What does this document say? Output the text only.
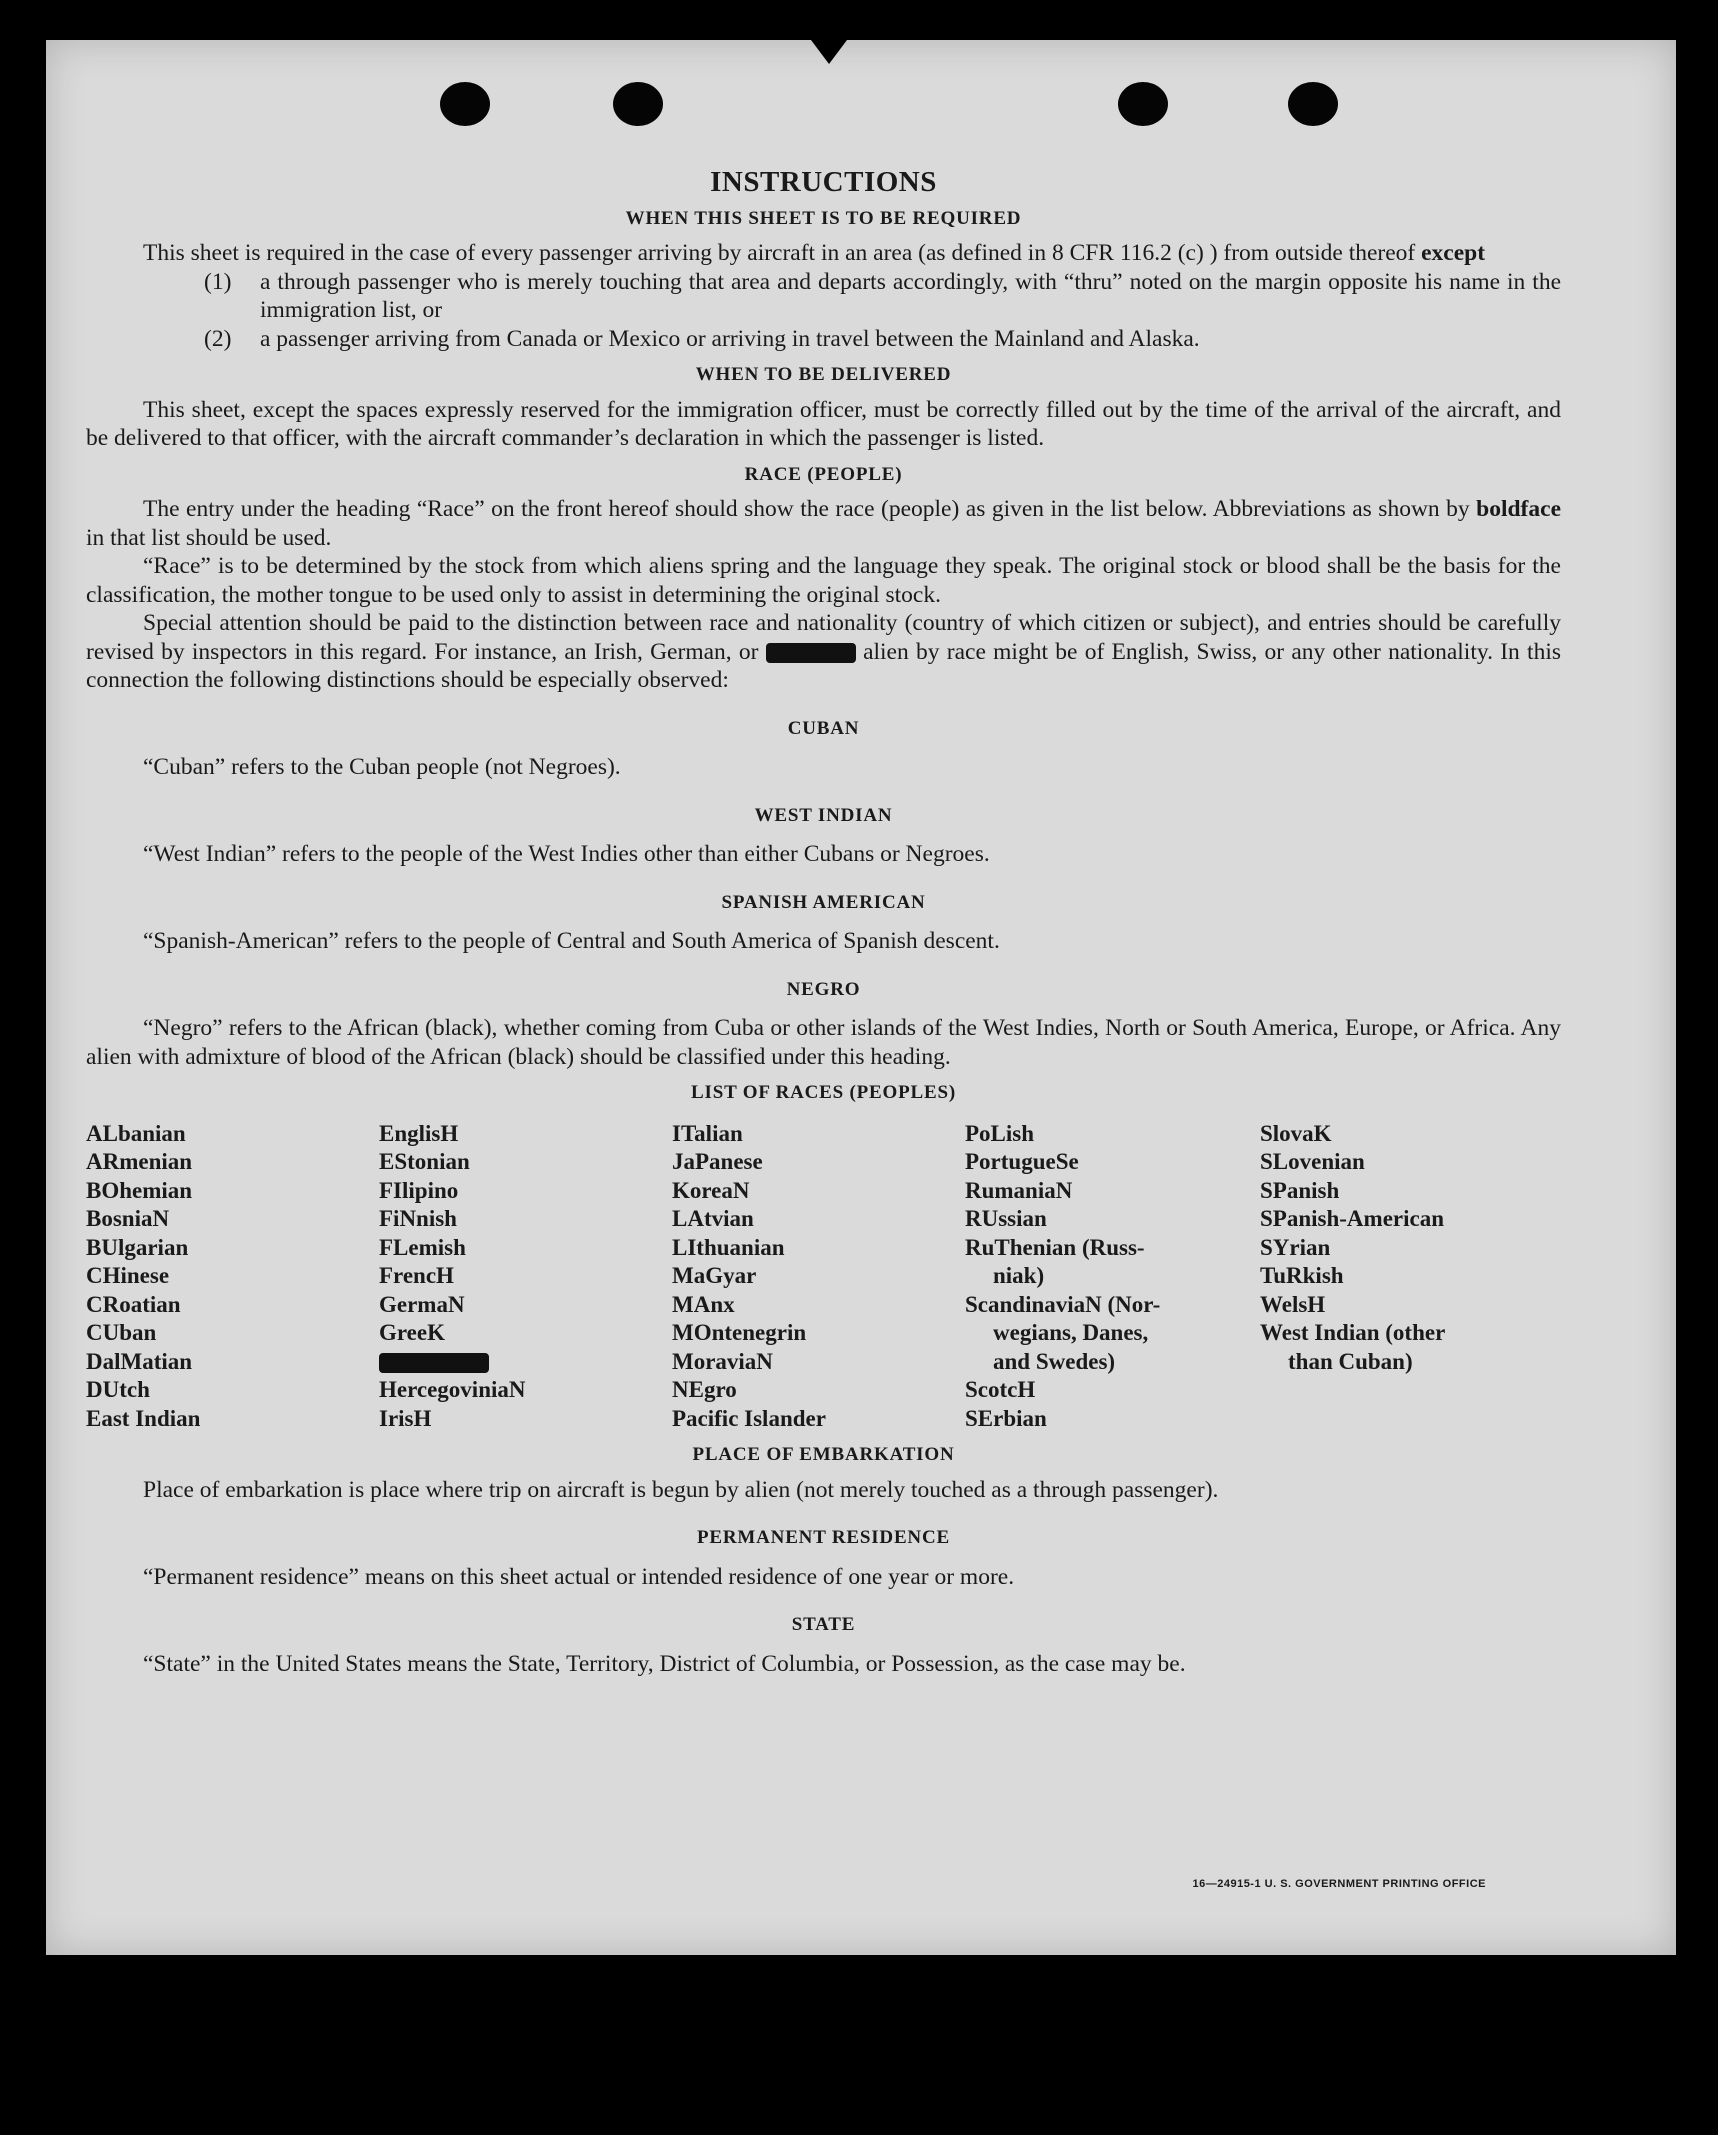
INSTRUCTIONS
WHEN THIS SHEET IS TO BE REQUIRED

This sheet is required in the case of every passenger arriving by aircraft in an area (as defined in 8 CFR 116.2 (c) ) from outside thereof except

(1)	a through passenger who is merely touching that area and departs accordingly, with “thru” noted on the margin opposite his name in the immigration list, or
(2)	a passenger arriving from Canada or Mexico or arriving in travel between the Mainland and Alaska.
WHEN TO BE DELIVERED

This sheet, except the spaces expressly reserved for the immigration officer, must be correctly filled out by the time of the arrival of the aircraft, and be delivered to that officer, with the aircraft commander’s declaration in which the passenger is listed.

RACE (PEOPLE)

The entry under the heading “Race” on the front hereof should show the race (people) as given in the list below. Abbreviations as shown by boldface in that list should be used.

“Race” is to be determined by the stock from which aliens spring and the language they speak. The original stock or blood shall be the basis for the classification, the mother tongue to be used only to assist in determining the original stock.

Special attention should be paid to the distinction between race and nationality (country of which citizen or subject), and entries should be carefully revised by inspectors in this regard. For instance, an Irish, German, or	alien by race might be of English, Swiss, or any other nationality. In this connection the following distinctions should be especially observed:

CUBAN

“Cuban” refers to the Cuban people (not Negroes).

WEST INDIAN

“West Indian” refers to the people of the West Indies other than either Cubans or Negroes.

SPANISH AMERICAN

“Spanish-American” refers to the people of Central and South America of Spanish descent.

NEGRO

“Negro” refers to the African (black), whether coming from Cuba or other islands of the West Indies, North or South America, Europe, or Africa. Any alien with admixture of blood of the African (black) should be classified under this heading.

LIST OF RACES (PEOPLES)
ALbanian
ARmenian
BOhemian
BosniaN
BUlgarian
CHinese
CRoatian
CUban
DalMatian
DUtch
East Indian
EnglisH
EStonian
FIlipino
FiNnish
FLemish
FrencH
GermaN
GreeK
HercegoviniaN
IrisH
ITalian
JaPanese
KoreaN
LAtvian
LIthuanian
MaGyar
MAnx
MOntenegrin
MoraviaN
NEgro
Pacific Islander
PoLish
PortugueSe
RumaniaN
RUssian
RuThenian (Russ-
niak)
ScandinaviaN (Nor-
wegians, Danes,
and Swedes)
ScotcH
SErbian
SlovaK
SLovenian
SPanish
SPanish-American
SYrian
TuRkish
WelsH
West Indian (other
than Cuban)
PLACE OF EMBARKATION

Place of embarkation is place where trip on aircraft is begun by alien (not merely touched as a through passenger).

PERMANENT RESIDENCE

“Permanent residence” means on this sheet actual or intended residence of one year or more.

STATE

“State” in the United States means the State, Territory, District of Columbia, or Possession, as the case may be.

16—24915-1 U. S. GOVERNMENT PRINTING OFFICE
